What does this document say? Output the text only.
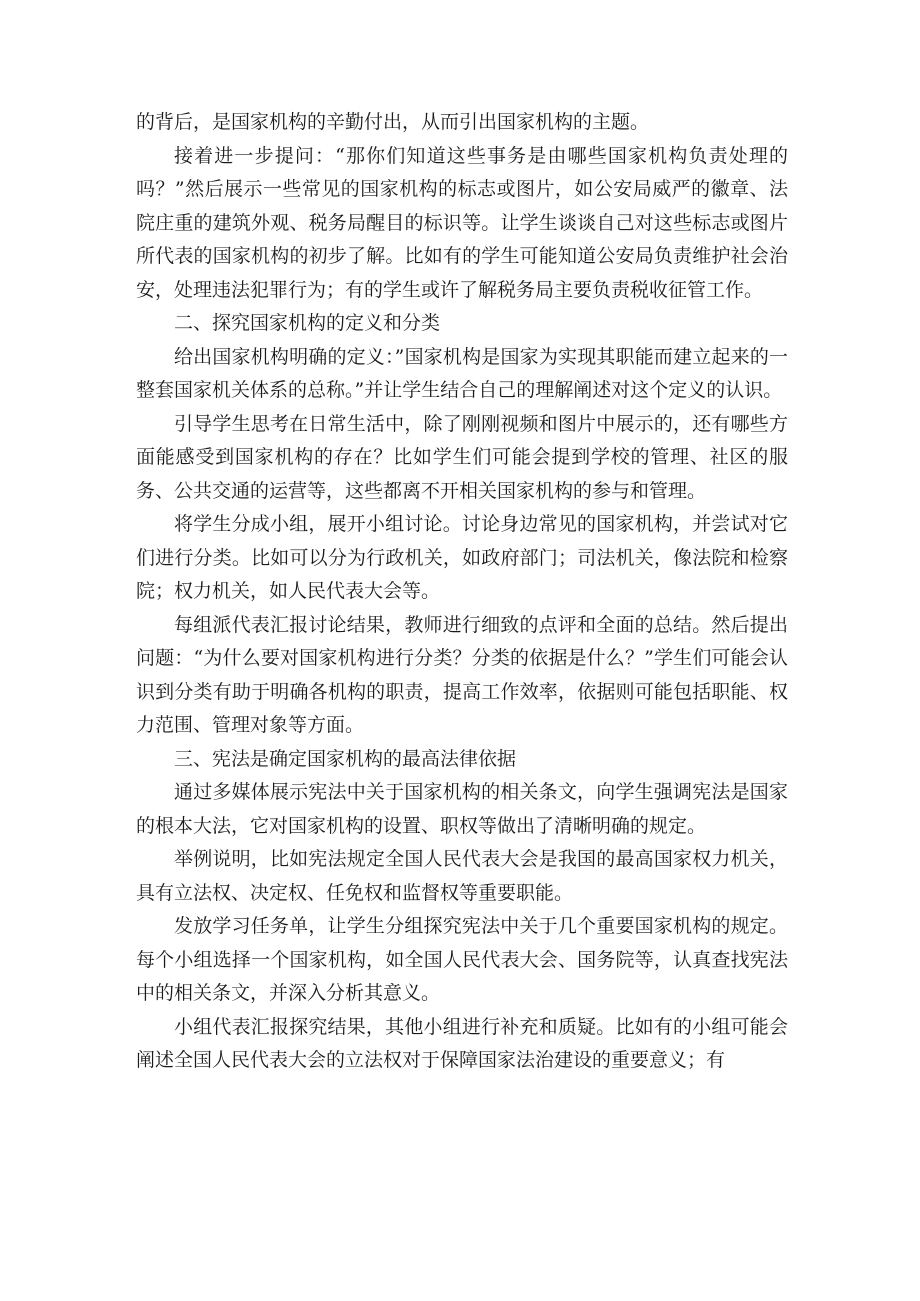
的背后，是国家机构的辛勤付出，从而引出国家机构的主题。

接着进一步提问：“那你们知道这些事务是由哪些国家机构负责处理的吗？”然后展示一些常见的国家机构的标志或图片，如公安局威严的徽章、法院庄重的建筑外观、税务局醒目的标识等。让学生谈谈自己对这些标志或图片所代表的国家机构的初步了解。比如有的学生可能知道公安局负责维护社会治安，处理违法犯罪行为；有的学生或许了解税务局主要负责税收征管工作。

二、探究国家机构的定义和分类

给出国家机构明确的定义：”国家机构是国家为实现其职能而建立起来的一整套国家机关体系的总称。”并让学生结合自己的理解阐述对这个定义的认识。

引导学生思考在日常生活中，除了刚刚视频和图片中展示的，还有哪些方面能感受到国家机构的存在？比如学生们可能会提到学校的管理、社区的服务、公共交通的运营等，这些都离不开相关国家机构的参与和管理。

将学生分成小组，展开小组讨论。讨论身边常见的国家机构，并尝试对它们进行分类。比如可以分为行政机关，如政府部门；司法机关，像法院和检察院；权力机关，如人民代表大会等。

每组派代表汇报讨论结果，教师进行细致的点评和全面的总结。然后提出问题：“为什么要对国家机构进行分类？分类的依据是什么？”学生们可能会认识到分类有助于明确各机构的职责，提高工作效率，依据则可能包括职能、权力范围、管理对象等方面。

三、宪法是确定国家机构的最高法律依据

通过多媒体展示宪法中关于国家机构的相关条文，向学生强调宪法是国家的根本大法，它对国家机构的设置、职权等做出了清晰明确的规定。

举例说明，比如宪法规定全国人民代表大会是我国的最高国家权力机关，具有立法权、决定权、任免权和监督权等重要职能。

发放学习任务单，让学生分组探究宪法中关于几个重要国家机构的规定。每个小组选择一个国家机构，如全国人民代表大会、国务院等，认真查找宪法中的相关条文，并深入分析其意义。

小组代表汇报探究结果，其他小组进行补充和质疑。比如有的小组可能会阐述全国人民代表大会的立法权对于保障国家法治建设的重要意义；有
